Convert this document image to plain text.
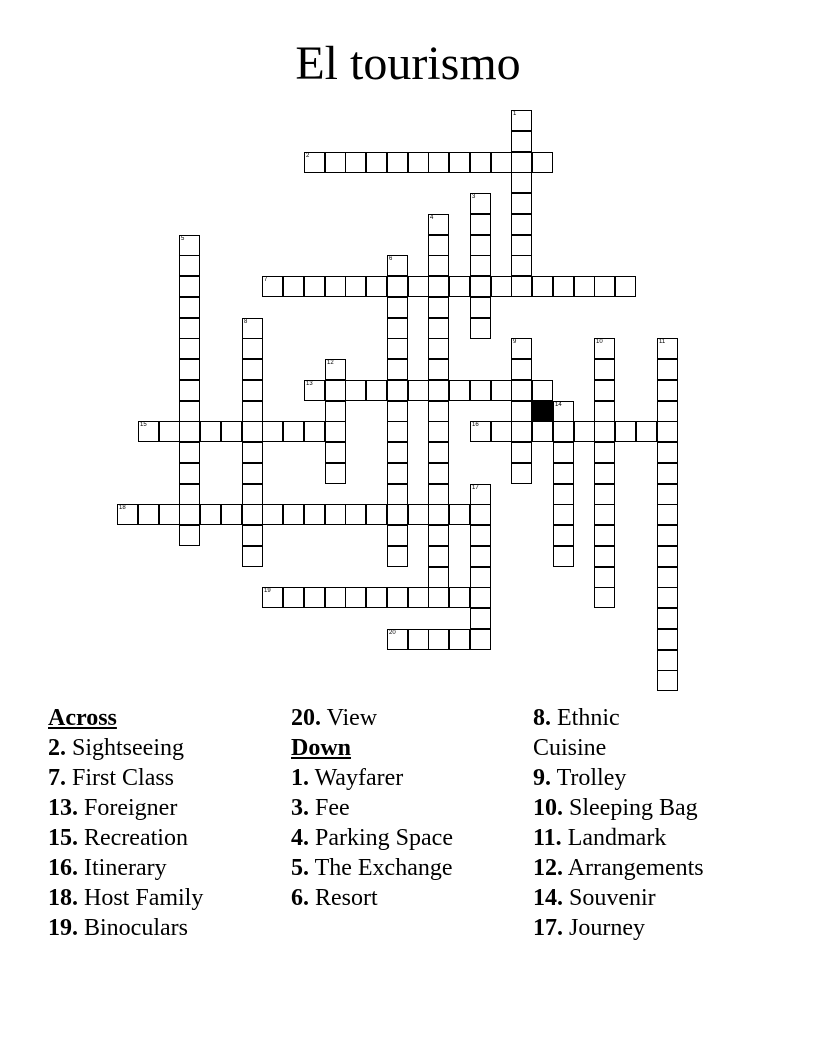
El tourismo
1
2
3
4
5
6
7
8
9	10	11
12
13
14
15	16
17
18
19
20
Across
2. Sightseeing
7. First Class
13. Foreigner
15. Recreation
16. Itinerary
18. Host Family
19. Binoculars
20. View
Down
1. Wayfarer
3. Fee
4. Parking Space
5. The Exchange
6. Resort
8. Ethnic Cuisine
9. Trolley
10. Sleeping Bag
11. Landmark
12. Arrangements
14. Souvenir
17. Journey
